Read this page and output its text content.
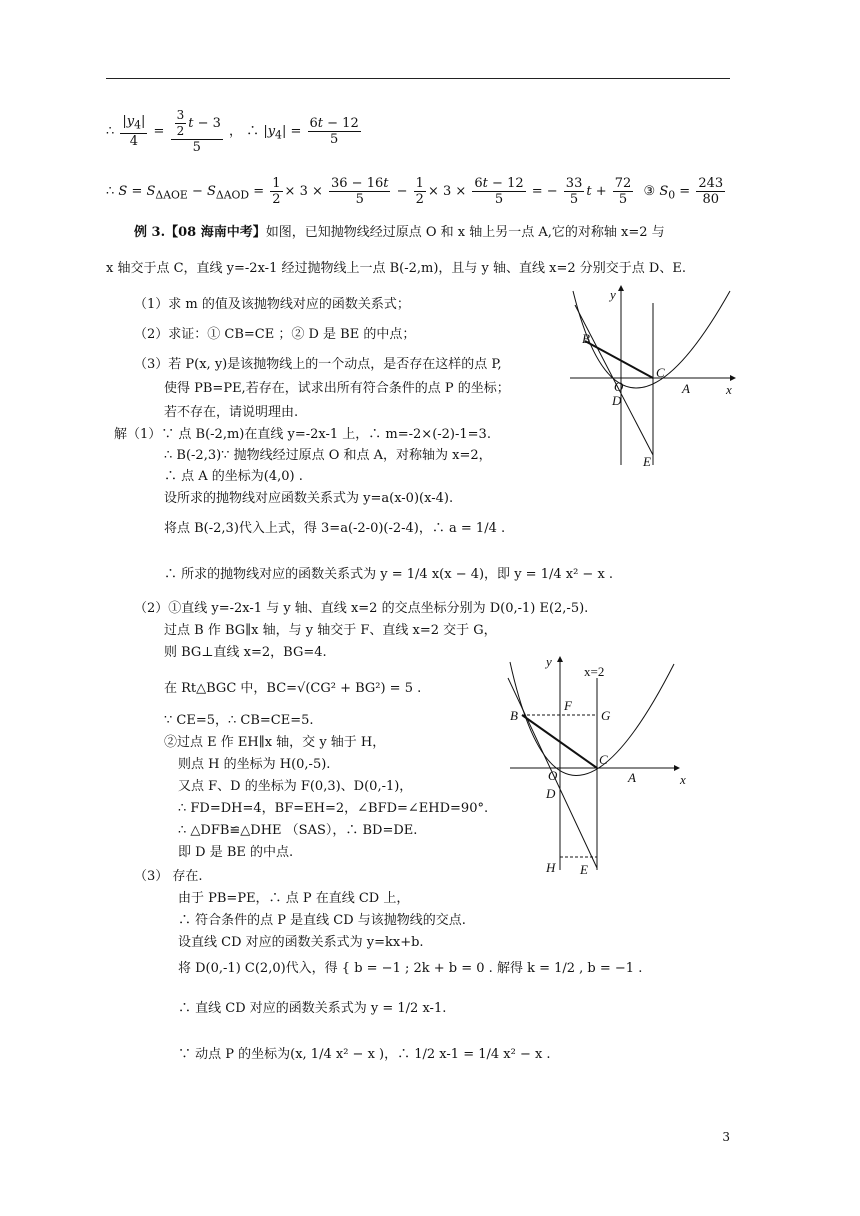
∴ $\frac{|y_4|}{4} = \frac{\frac{3}{2} t - 3}{5}$ ， ∴ $|y_4| = \frac{6t - 12}{5}$
∴ $S = S_{\Delta AOE} - S_{\Delta AOD} = \frac{1}{2} \times 3 \times \frac{36 - 16t}{5} - \frac{1}{2} \times 3 \times \frac{6t - 12}{5}$ = − $\frac{33}{5}$ $t + \frac{72}{5}$ ③ $S_0 = \frac{243}{80}$
例 3.【08 海南中考】如图，已知抛物线经过原点 O 和 x 轴上另一点 A,它的对称轴 x=2 与
x 轴交于点 C，直线 y=-2x-1 经过抛物线上一点 B(-2,m)，且与 y 轴、直线 x=2 分别交于点 D、E.
（1）求 m 的值及该抛物线对应的函数关系式；
（2）求证：① CB=CE ；② D 是 BE 的中点；
（3）若 P(x, y)是该抛物线上的一个动点，是否存在这样的点 P,
使得 PB=PE,若存在，试求出所有符合条件的点 P 的坐标；
若不存在，请说明理由.
解（1）∵ 点 B(-2,m)在直线 y=-2x-1 上，∴ m=-2×(-2)-1=3.
∴ B(-2,3)∵ 抛物线经过原点 O 和点 A，对称轴为 x=2，
∴ 点 A 的坐标为(4,0) .
设所求的抛物线对应函数关系式为 y=a(x-0)(x-4).
将点 B(-2,3)代入上式，得 3=a(-2-0)(-2-4)，∴ a = 1/4 .
∴ 所求的抛物线对应的函数关系式为 y = 1/4 x(x − 4)，即 y = 1/4 x² − x .
（2）①直线 y=-2x-1 与 y 轴、直线 x=2 的交点坐标分别为 D(0,-1) E(2,-5).
过点 B 作 BG∥x 轴，与 y 轴交于 F、直线 x=2 交于 G，
则 BG⊥直线 x=2，BG=4.
在 Rt△BGC 中，BC=√(CG² + BG²) = 5 .
∵ CE=5，∴ CB=CE=5.
②过点 E 作 EH∥x 轴，交 y 轴于 H，
则点 H 的坐标为 H(0,-5).
又点 F、D 的坐标为 F(0,3)、D(0,-1)，
∴ FD=DH=4，BF=EH=2，∠BFD=∠EHD=90°.
∴ △DFB≌△DHE （SAS），∴ BD=DE.
即 D 是 BE 的中点.
（3） 存在.
由于 PB=PE，∴ 点 P 在直线 CD 上，
∴ 符合条件的点 P 是直线 CD 与该抛物线的交点.
设直线 CD 对应的函数关系式为 y=kx+b.
将 D(0,-1) C(2,0)代入，得 { b = −1 ; 2k + b = 0 . 解得 k = 1/2 , b = −1 .
∴ 直线 CD 对应的函数关系式为 y = 1/2 x-1.
∵ 动点 P 的坐标为(x, 1/4 x² − x )，∴ 1/2 x-1 = 1/4 x² − x .
y
x
B
C
O	A
D
E
y
x=2
x
B
F
G
C
O	A
D
H E
3
